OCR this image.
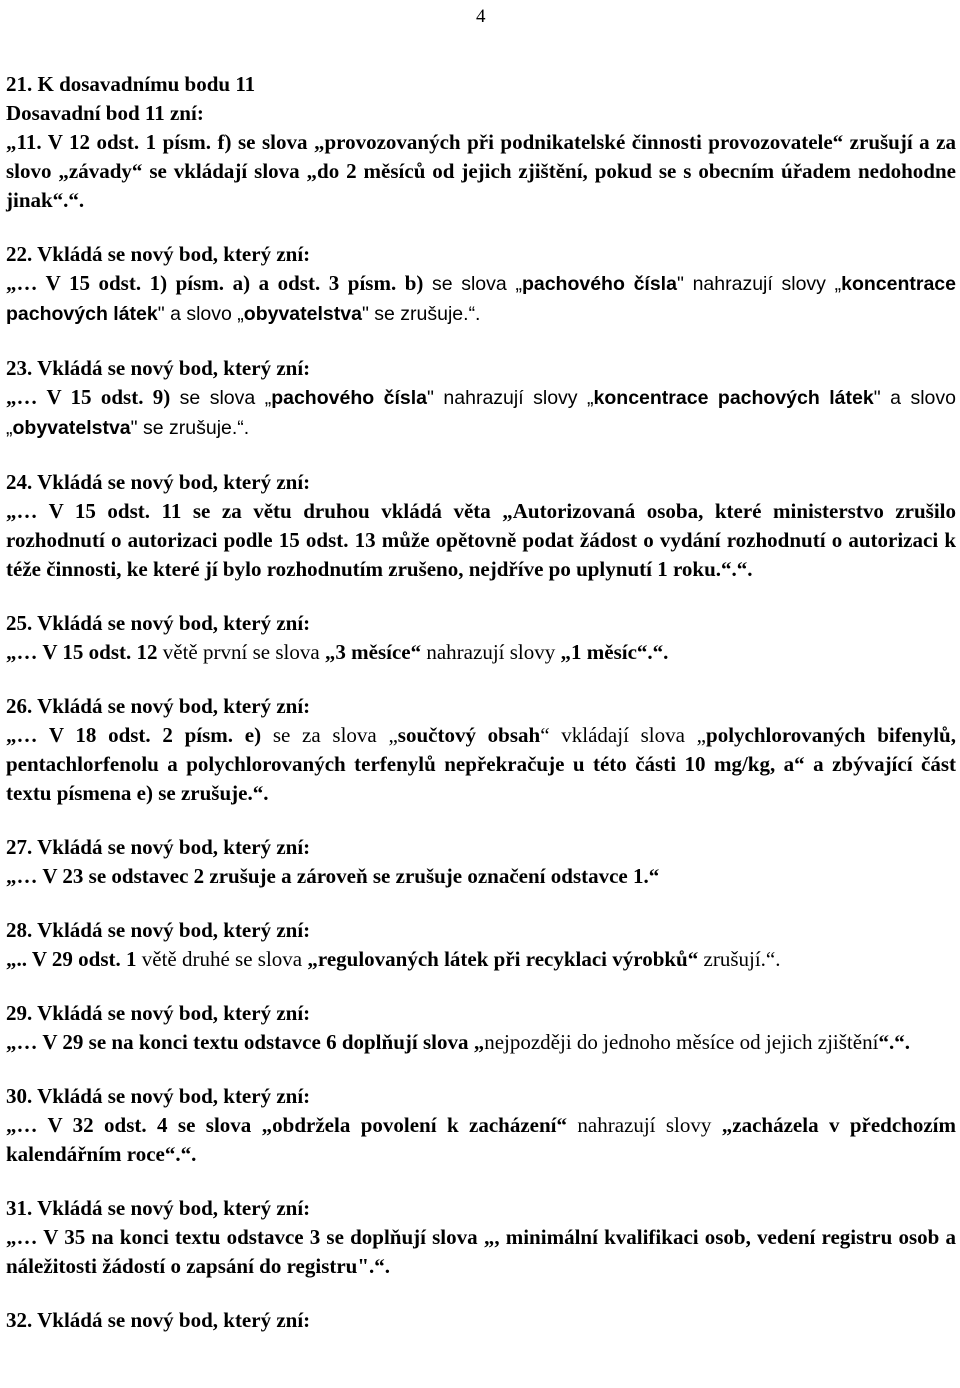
4

21. K dosavadnímu bodu 11

Dosavadní bod 11 zní:

„11. V 12 odst. 1 písm. f) se slova „provozovaných při podnikatelské činnosti provozovatele“ zrušují a za slovo „závady“ se vkládají slova „do 2 měsíců od jejich zjištění, pokud se s obecním úřadem nedohodne jinak“.“.

22. Vkládá se nový bod, který zní:

„… V 15 odst. 1) písm. a) a odst. 3 písm. b) se slova „pachového čísla" nahrazují slovy „koncentrace pachových látek" a slovo „obyvatelstva" se zrušuje.“.

23. Vkládá se nový bod, který zní:

„… V 15 odst. 9) se slova „pachového čísla" nahrazují slovy „koncentrace pachových látek" a slovo „obyvatelstva" se zrušuje.“.

24. Vkládá se nový bod, který zní:

„… V 15 odst. 11 se za větu druhou vkládá věta „Autorizovaná osoba, které ministerstvo zrušilo rozhodnutí o autorizaci podle 15 odst. 13 může opětovně podat žádost o vydání rozhodnutí o autorizaci k téže činnosti, ke které jí bylo rozhodnutím zrušeno, nejdříve po uplynutí 1 roku.“.“.

25. Vkládá se nový bod, který zní:

„… V 15 odst. 12 větě první se slova „3 měsíce“ nahrazují slovy „1 měsíc“.“.

26. Vkládá se nový bod, který zní:

„… V 18 odst. 2 písm. e) se za slova „součtový obsah“ vkládají slova „polychlorovaných bifenylů, pentachlorfenolu a polychlorovaných terfenylů nepřekračuje u této části 10 mg/kg, a“ a zbývající část textu písmena e) se zrušuje.“.

27. Vkládá se nový bod, který zní:

„… V 23 se odstavec 2 zrušuje a zároveň se zrušuje označení odstavce 1.“

28. Vkládá se nový bod, který zní:

„.. V 29 odst. 1 větě druhé se slova „regulovaných látek při recyklaci výrobků“ zrušují.“.

29. Vkládá se nový bod, který zní:

„… V 29 se na konci textu odstavce 6 doplňují slova „nejpozději do jednoho měsíce od jejich zjištění“.“.

30. Vkládá se nový bod, který zní:

„… V 32 odst. 4 se slova „obdržela povolení k zacházení“ nahrazují slovy „zacházela v předchozím kalendářním roce“.“.

31. Vkládá se nový bod, který zní:

„… V 35 na konci textu odstavce 3 se doplňují slova „, minimální kvalifikaci osob, vedení registru osob a náležitosti žádostí o zapsání do registru".“.

32. Vkládá se nový bod, který zní:
